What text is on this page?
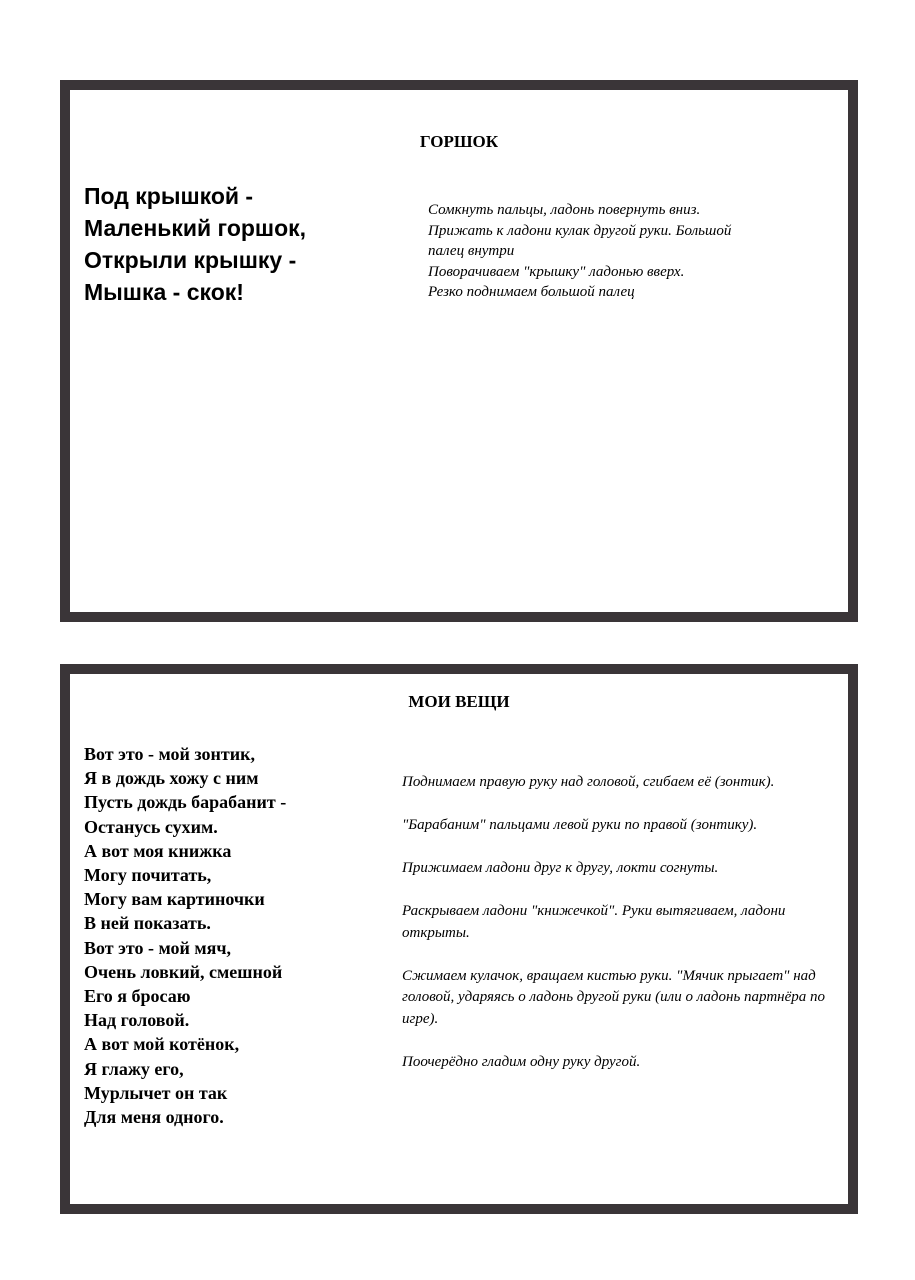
ГОРШОК
Под крышкой -
Маленький горшок,
Открыли крышку -
Мышка - скок!
Сомкнуть пальцы, ладонь повернуть вниз.
Прижать к ладони кулак другой руки. Большой
палец внутри
Поворачиваем "крышку" ладонью вверх.
Резко поднимаем большой палец
МОИ ВЕЩИ
Вот это - мой зонтик,
Я в дождь хожу с ним
Пусть дождь барабанит -
Останусь сухим.
А вот моя книжка
Могу почитать,
Могу вам картиночки
В ней показать.
Вот это - мой мяч,
Очень ловкий, смешной
Его я бросаю
Над головой.
А вот мой котёнок,
Я глажу его,
Мурлычет он так
Для меня одного.
Поднимаем правую руку над головой, сгибаем её (зонтик).
"Барабаним" пальцами левой руки по правой (зонтику).
Прижимаем ладони друг к другу, локти согнуты.
Раскрываем ладони "книжечкой". Руки вытягиваем, ладони открыты.
Сжимаем кулачок, вращаем кистью руки. "Мячик прыгает" над головой, ударяясь о ладонь другой руки (или о ладонь партнёра по игре).
Поочерёдно гладим одну руку другой.
